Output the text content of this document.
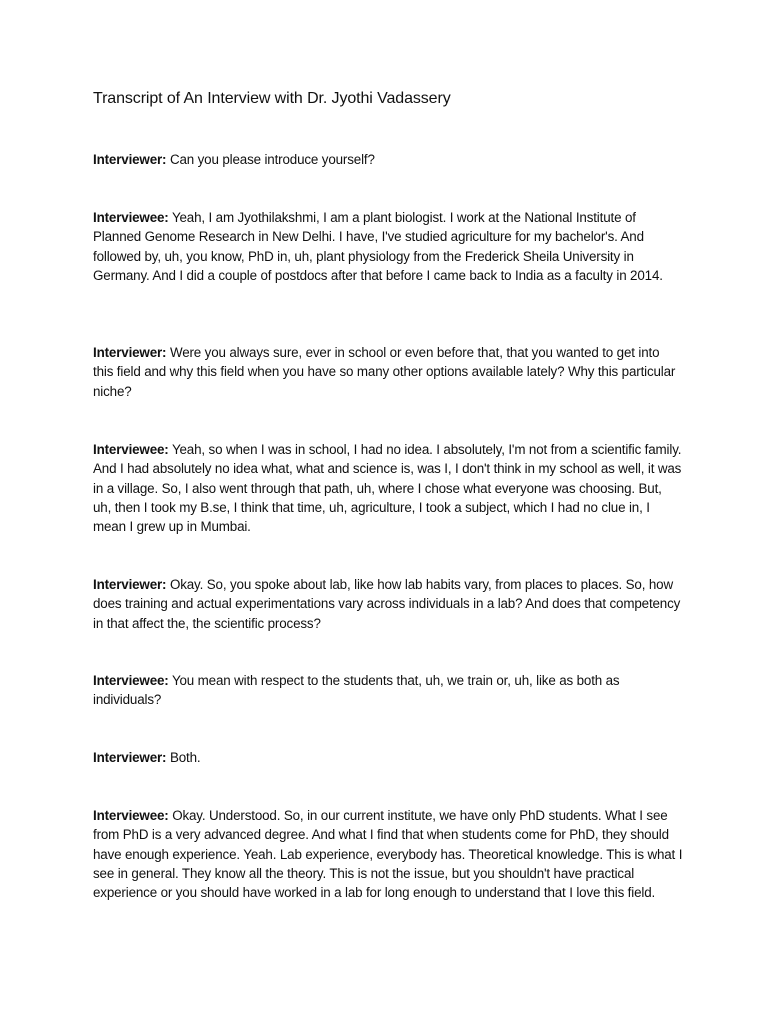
Transcript of An Interview with Dr. Jyothi Vadassery

Interviewer: Can you please introduce yourself?

Interviewee: Yeah, I am Jyothilakshmi, I am a plant biologist. I work at the National Institute of Planned Genome Research in New Delhi. I have, I've studied agriculture for my bachelor's. And followed by, uh, you know, PhD in, uh, plant physiology from the Frederick Sheila University in Germany. And I did a couple of postdocs after that before I came back to India as a faculty in 2014.

Interviewer: Were you always sure, ever in school or even before that, that you wanted to get into this field and why this field when you have so many other options available lately? Why this particular niche?

Interviewee: Yeah, so when I was in school, I had no idea. I absolutely, I'm not from a scientific family. And I had absolutely no idea what, what and science is, was I, I don't think in my school as well, it was in a village. So, I also went through that path, uh, where I chose what everyone was choosing. But, uh, then I took my B.se, I think that time, uh, agriculture, I took a subject, which I had no clue in, I mean I grew up in Mumbai.

Interviewer: Okay. So, you spoke about lab, like how lab habits vary, from places to places. So, how does training and actual experimentations vary across individuals in a lab? And does that competency in that affect the, the scientific process?

Interviewee: You mean with respect to the students that, uh, we train or, uh, like as both as individuals?

Interviewer: Both.

Interviewee: Okay. Understood. So, in our current institute, we have only PhD students. What I see from PhD is a very advanced degree. And what I find that when students come for PhD, they should have enough experience. Yeah. Lab experience, everybody has. Theoretical knowledge. This is what I see in general. They know all the theory. This is not the issue, but you shouldn't have practical experience or you should have worked in a lab for long enough to understand that I love this field.
